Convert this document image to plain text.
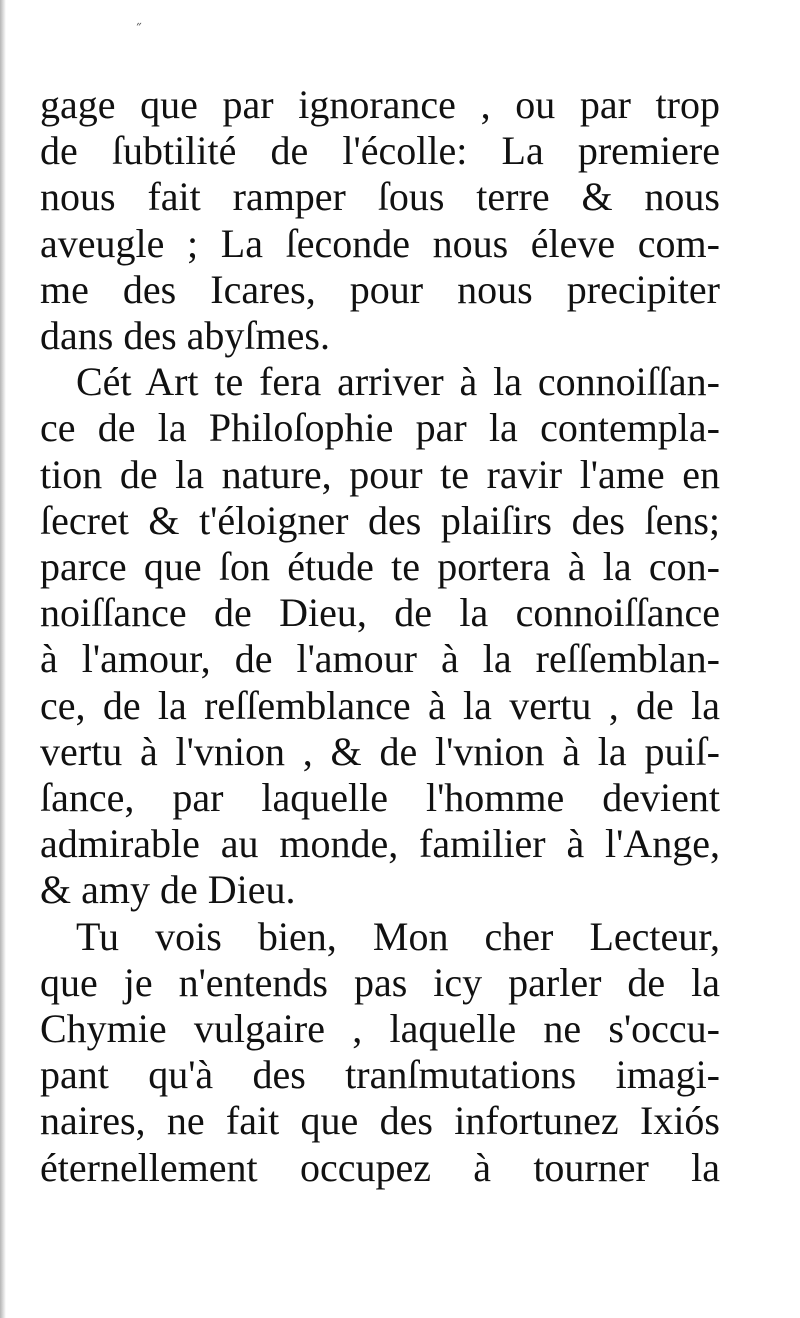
˝
gage que par ignorance , ou par trop
de ſubtilité de l'écolle: La premiere
nous fait ramper ſous terre & nous
aveugle ; La ſeconde nous éleve com-
me des Icares, pour nous precipiter
dans des abyſmes.
Cét Art te fera arriver à la connoiſſan-
ce de la Philoſophie par la contempla-
tion de la nature, pour te ravir l'ame en
ſecret & t'éloigner des plaiſirs des ſens;
parce que ſon étude te portera à la con-
noiſſance de Dieu, de la connoiſſance
à l'amour, de l'amour à la reſſemblan-
ce, de la reſſemblance à la vertu , de la
vertu à l'vnion , & de l'vnion à la puiſ-
ſance, par laquelle l'homme devient
admirable au monde, familier à l'Ange,
& amy de Dieu.
Tu vois bien, Mon cher Lecteur,
que je n'entends pas icy parler de la
Chymie vulgaire , laquelle ne s'occu-
pant qu'à des tranſmutations imagi-
naires, ne fait que des infortunez Ixiós
éternellement occupez à tourner la
